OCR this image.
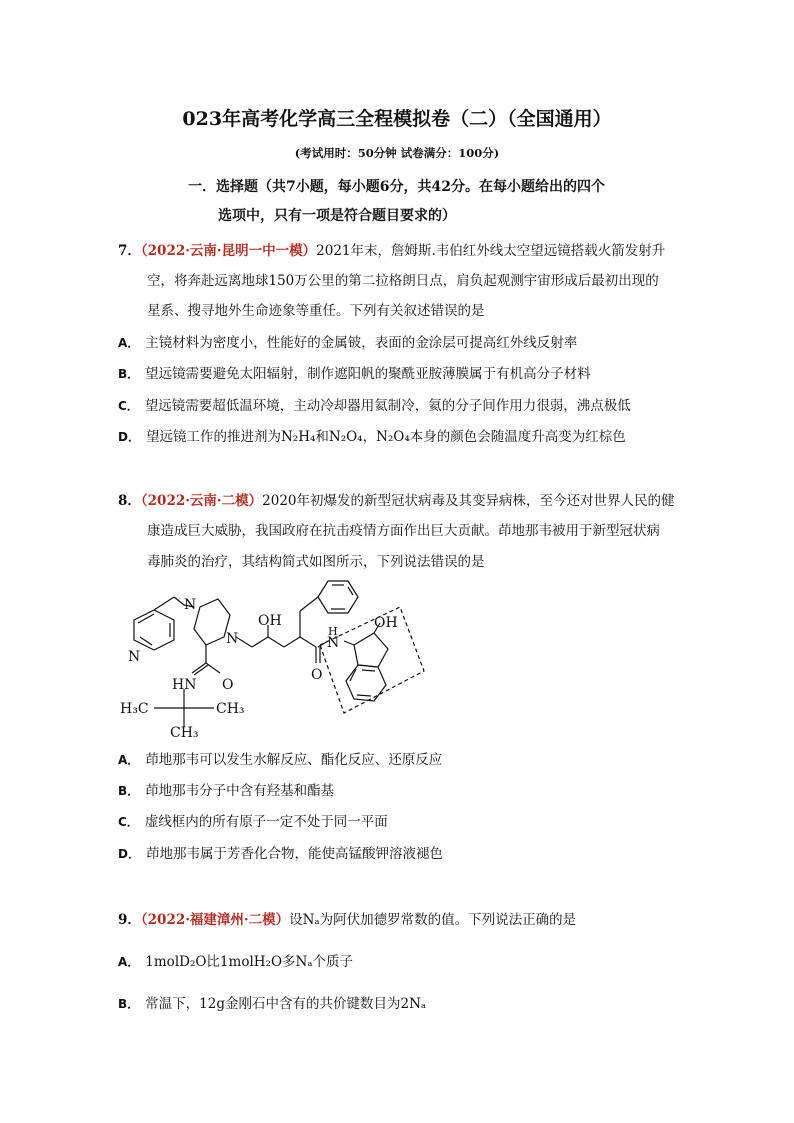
023年高考化学高三全程模拟卷（二）（全国通用）
(考试用时：50分钟 试卷满分：100分)
一．选择题（共7小题，每小题6分，共42分。在每小题给出的四个
选项中，只有一项是符合题目要求的）
7．（2022·云南·昆明一中一模）2021年末，詹姆斯.韦伯红外线太空望远镜搭载火箭发射升
空，将奔赴远离地球150万公里的第二拉格朗日点，肩负起观测宇宙形成后最初出现的
星系、搜寻地外生命迹象等重任。下列有关叙述错误的是
A． 主镜材料为密度小，性能好的金属铍，表面的金涂层可提高红外线反射率
B． 望远镜需要避免太阳辐射，制作遮阳帆的聚酰亚胺薄膜属于有机高分子材料
C． 望远镜需要超低温环境，主动冷却器用氦制冷，氦的分子间作用力很弱，沸点极低
D． 望远镜工作的推进剂为N₂H₄和N₂O₄，N₂O₄本身的颜色会随温度升高变为红棕色
8．（2022·云南·二模）2020年初爆发的新型冠状病毒及其变异病株，至今还对世界人民的健
康造成巨大威胁，我国政府在抗击疫情方面作出巨大贡献。茚地那韦被用于新型冠状病
毒肺炎的治疗，其结构简式如图所示，下列说法错误的是
N
N
N
OH
N
H
OH
O
HN O
H₃C	CH₃
CH₃
A． 茚地那韦可以发生水解反应、酯化反应、还原反应
B． 茚地那韦分子中含有羟基和酯基
C． 虚线框内的所有原子一定不处于同一平面
D． 茚地那韦属于芳香化合物，能使高锰酸钾溶液褪色
9．（2022·福建漳州·二模）设Nₐ为阿伏加德罗常数的值。下列说法正确的是
A． 1molD₂O比1molH₂O多Nₐ个质子
B． 常温下，12g金刚石中含有的共价键数目为2Nₐ
